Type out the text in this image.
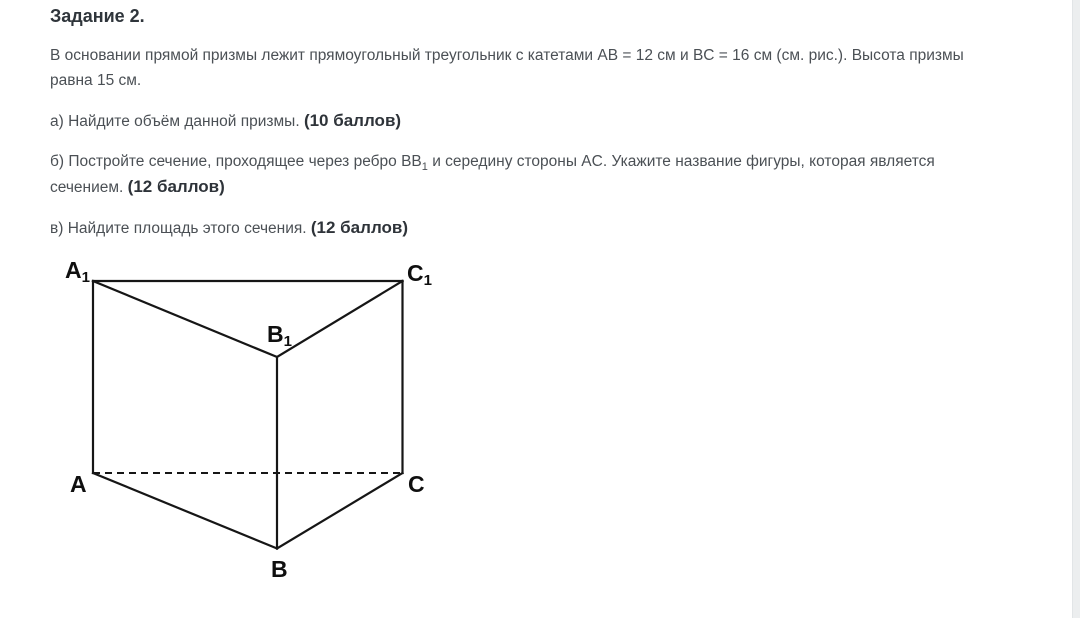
Задание 2.

В основании прямой призмы лежит прямоугольный треугольник с катетами AB = 12 см и BC = 16 см (см. рис.). Высота призмы равна 15 см.

а) Найдите объём данной призмы. (10 баллов)

б) Постройте сечение, проходящее через ребро $BB_1$ и середину стороны AC. Укажите название фигуры, которая является сечением. (12 баллов)

в) Найдите площадь этого сечения. (12 баллов)

A1	C1
B1
A	C
B
